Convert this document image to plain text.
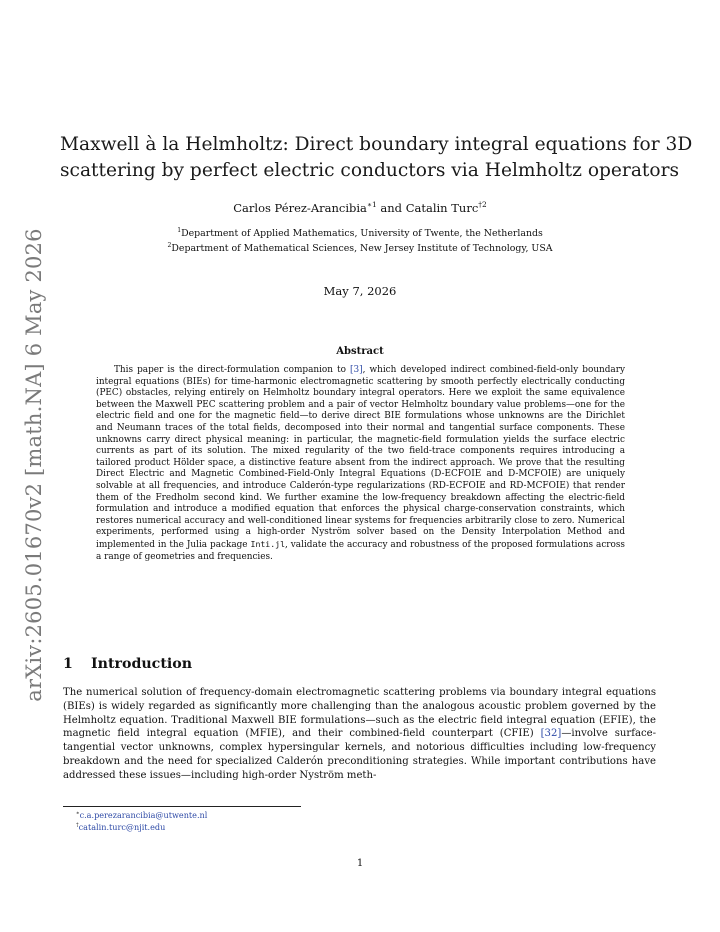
arXiv:2605.01670v2 [math.NA] 6 May 2026
Maxwell à la Helmholtz: Direct boundary integral equations for 3D
scattering by perfect electric conductors via Helmholtz operators
Carlos Pérez-Arancibia$^{∗1}$ and Catalin Turc$^{\dagger 2}$
$^1$Department of Applied Mathematics, University of Twente, the Netherlands
$^2$Department of Mathematical Sciences, New Jersey Institute of Technology, USA
May 7, 2026
Abstract
This paper is the direct-formulation companion to [3], which developed indirect combined-field-only boundary integral equations (BIEs) for time-harmonic electromagnetic scattering by smooth perfectly electrically conducting (PEC) obstacles, relying entirely on Helmholtz boundary integral operators. Here we exploit the same equivalence between the Maxwell PEC scattering problem and a pair of vector Helmholtz boundary value problems—one for the electric field and one for the magnetic field—to derive direct BIE formulations whose unknowns are the Dirichlet and Neumann traces of the total fields, decomposed into their normal and tangential surface components. These unknowns carry direct physical meaning: in particular, the magnetic-field formulation yields the surface electric currents as part of its solution. The mixed regularity of the two field-trace components requires introducing a tailored product Hölder space, a distinctive feature absent from the indirect approach. We prove that the resulting Direct Electric and Magnetic Combined-Field-Only Integral Equations (D-ECFOIE and D-MCFOIE) are uniquely solvable at all frequencies, and introduce Calderón-type regularizations (RD-ECFOIE and RD-MCFOIE) that render them of the Fredholm second kind. We further examine the low-frequency breakdown affecting the electric-field formulation and introduce a modified equation that enforces the physical charge-conservation constraints, which restores numerical accuracy and well-conditioned linear systems for frequencies arbitrarily close to zero. Numerical experiments, performed using a high-order Nyström solver based on the Density Interpolation Method and implemented in the Julia package Inti.jl, validate the accuracy and robustness of the proposed formulations across a range of geometries and frequencies.
1 Introduction
The numerical solution of frequency-domain electromagnetic scattering problems via boundary integral equations (BIEs) is widely regarded as significantly more challenging than the analogous acoustic problem governed by the Helmholtz equation. Traditional Maxwell BIE formulations—such as the electric field integral equation (EFIE), the magnetic field integral equation (MFIE), and their combined-field counterpart (CFIE) [32]—involve surface-tangential vector unknowns, complex hypersingular kernels, and notorious difficulties including low-frequency breakdown and the need for specialized Calderón preconditioning strategies. While important contributions have addressed these issues—including high-order Nyström meth-
∗c.a.perezarancibia@utwente.nl
†catalin.turc@njit.edu
1
